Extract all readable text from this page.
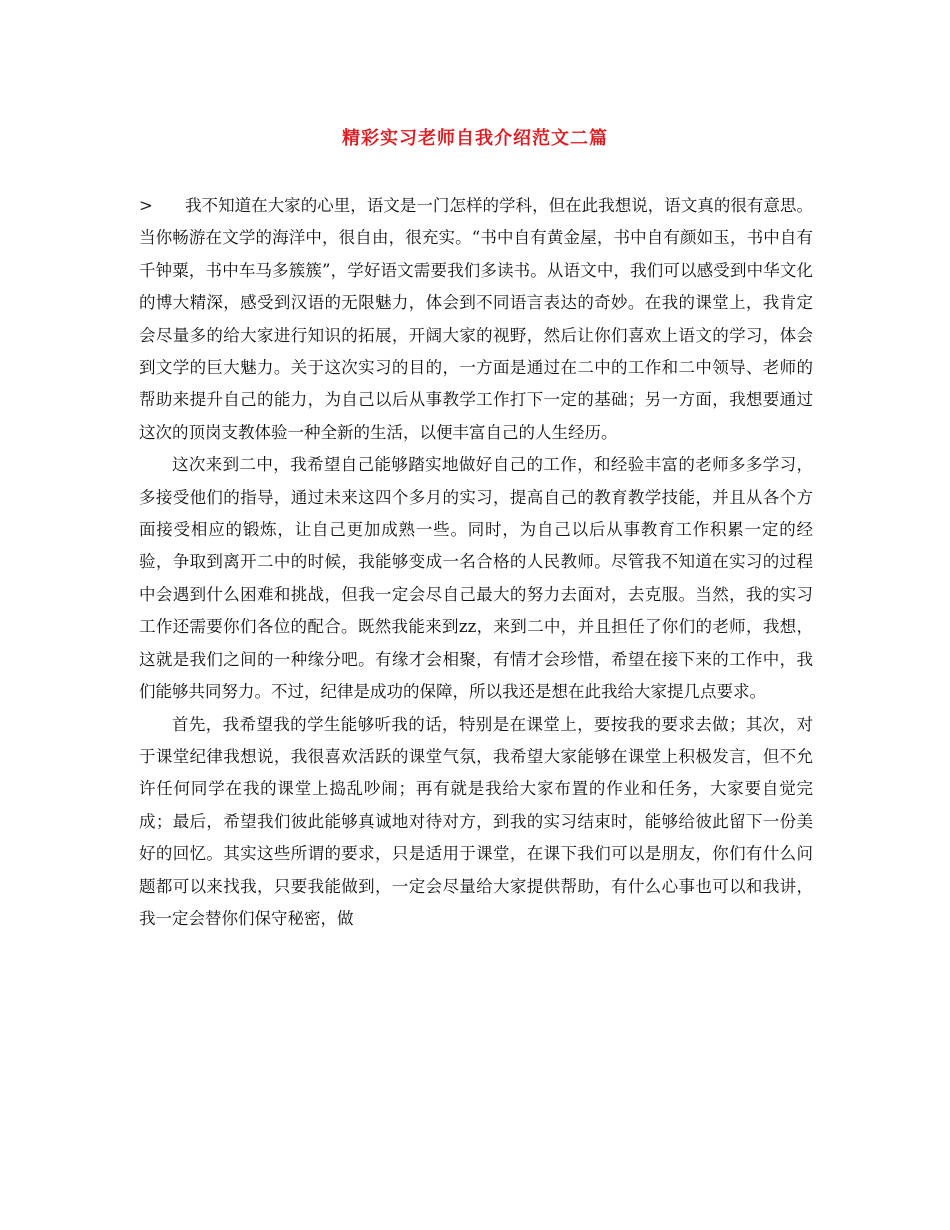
精彩实习老师自我介绍范文二篇

> 我不知道在大家的心里，语文是一门怎样的学科，但在此我想说，语文真的很有意思。当你畅游在文学的海洋中，很自由，很充实。“书中自有黄金屋，书中自有颜如玉，书中自有千钟粟，书中车马多簇簇”，学好语文需要我们多读书。从语文中，我们可以感受到中华文化的博大精深，感受到汉语的无限魅力，体会到不同语言表达的奇妙。在我的课堂上，我肯定会尽量多的给大家进行知识的拓展，开阔大家的视野，然后让你们喜欢上语文的学习，体会到文学的巨大魅力。关于这次实习的目的，一方面是通过在二中的工作和二中领导、老师的帮助来提升自己的能力，为自己以后从事教学工作打下一定的基础；另一方面，我想要通过这次的顶岗支教体验一种全新的生活，以便丰富自己的人生经历。

这次来到二中，我希望自己能够踏实地做好自己的工作，和经验丰富的老师多多学习，多接受他们的指导，通过未来这四个多月的实习，提高自己的教育教学技能，并且从各个方面接受相应的锻炼，让自己更加成熟一些。同时，为自己以后从事教育工作积累一定的经验，争取到离开二中的时候，我能够变成一名合格的人民教师。尽管我不知道在实习的过程中会遇到什么困难和挑战，但我一定会尽自己最大的努力去面对，去克服。当然，我的实习工作还需要你们各位的配合。既然我能来到zz，来到二中，并且担任了你们的老师，我想，这就是我们之间的一种缘分吧。有缘才会相聚，有情才会珍惜，希望在接下来的工作中，我们能够共同努力。不过，纪律是成功的保障，所以我还是想在此我给大家提几点要求。

首先，我希望我的学生能够听我的话，特别是在课堂上，要按我的要求去做；其次，对于课堂纪律我想说，我很喜欢活跃的课堂气氛，我希望大家能够在课堂上积极发言，但不允许任何同学在我的课堂上捣乱吵闹；再有就是我给大家布置的作业和任务，大家要自觉完成；最后，希望我们彼此能够真诚地对待对方，到我的实习结束时，能够给彼此留下一份美好的回忆。其实这些所谓的要求，只是适用于课堂，在课下我们可以是朋友，你们有什么问题都可以来找我，只要我能做到，一定会尽量给大家提供帮助，有什么心事也可以和我讲，我一定会替你们保守秘密，做
